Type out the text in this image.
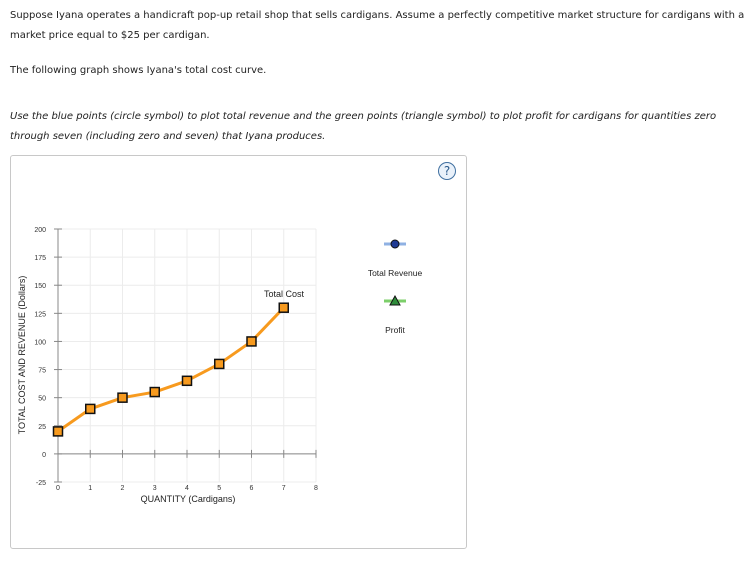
Suppose Iyana operates a handicraft pop-up retail shop that sells cardigans. Assume a perfectly competitive market structure for cardigans with a market price equal to $25 per cardigan.

The following graph shows Iyana's total cost curve.

Use the blue points (circle symbol) to plot total revenue and the green points (triangle symbol) to plot profit for cardigans for quantities zero through seven (including zero and seven) that Iyana produces.

?
-25
0
25
50
75
100
125
150
175
200
0	1	2	3	4	5	6	7	8
TOTAL COST AND REVENUE (Dollars)
QUANTITY (Cardigans)
Total Cost
Total Revenue
Profit
